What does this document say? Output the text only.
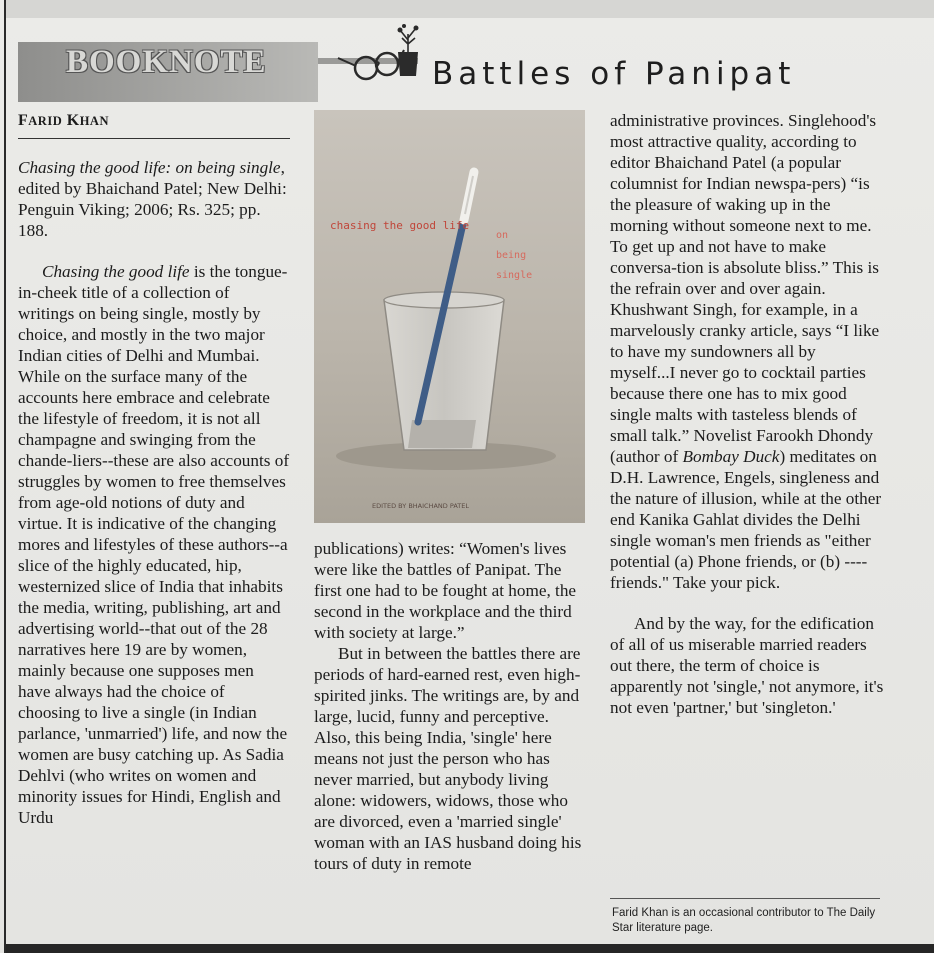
BOOKNOTE	Battles of Panipat
FARID KHAN

Chasing the good life: on being single, edited by Bhaichand Patel; New Delhi: Penguin Viking; 2006; Rs. 325; pp. 188.

Chasing the good life is the tongue-in-cheek title of a collection of writings on being single, mostly by choice, and mostly in the two major Indian cities of Delhi and Mumbai. While on the surface many of the accounts here embrace and celebrate the lifestyle of freedom, it is not all champagne and swinging from the chande-liers--these are also accounts of struggles by women to free themselves from age-old notions of duty and virtue. It is indicative of the changing mores and lifestyles of these authors--a slice of the highly educated, hip, westernized slice of India that inhabits the media, writing, publishing, art and advertising world--that out of the 28 narratives here 19 are by women, mainly because one supposes men have always had the choice of choosing to live a single (in Indian parlance, 'unmarried') life, and now the women are busy catching up. As Sadia Dehlvi (who writes on women and minority issues for Hindi, English and Urdu

chasing the good life
on
being
single
EDITED BY BHAICHAND PATEL

publications) writes: “Women's lives were like the battles of Panipat. The first one had to be fought at home, the second in the workplace and the third with society at large.”

But in between the battles there are periods of hard-earned rest, even high-spirited jinks. The writings are, by and large, lucid, funny and perceptive. Also, this being India, 'single' here means not just the person who has never married, but anybody living alone: widowers, widows, those who are divorced, even a 'married single' woman with an IAS husband doing his tours of duty in remote

administrative provinces. Singlehood's most attractive quality, according to editor Bhaichand Patel (a popular columnist for Indian newspa-pers) “is the pleasure of waking up in the morning without someone next to me. To get up and not have to make conversa-tion is absolute bliss.” This is the refrain over and over again. Khushwant Singh, for example, in a marvelously cranky article, says “I like to have my sundowners all by myself...I never go to cocktail parties because there one has to mix good single malts with tasteless blends of small talk.” Novelist Farookh Dhondy (author of Bombay Duck) meditates on D.H. Lawrence, Engels, singleness and the nature of illusion, while at the other end Kanika Gahlat divides the Delhi single woman's men friends as "either potential (a) Phone friends, or (b) ---- friends." Take your pick.

And by the way, for the edification of all of us miserable married readers out there, the term of choice is apparently not 'single,' not anymore, it's not even 'partner,' but 'singleton.'

Farid Khan is an occasional contributor to The Daily Star literature page.
